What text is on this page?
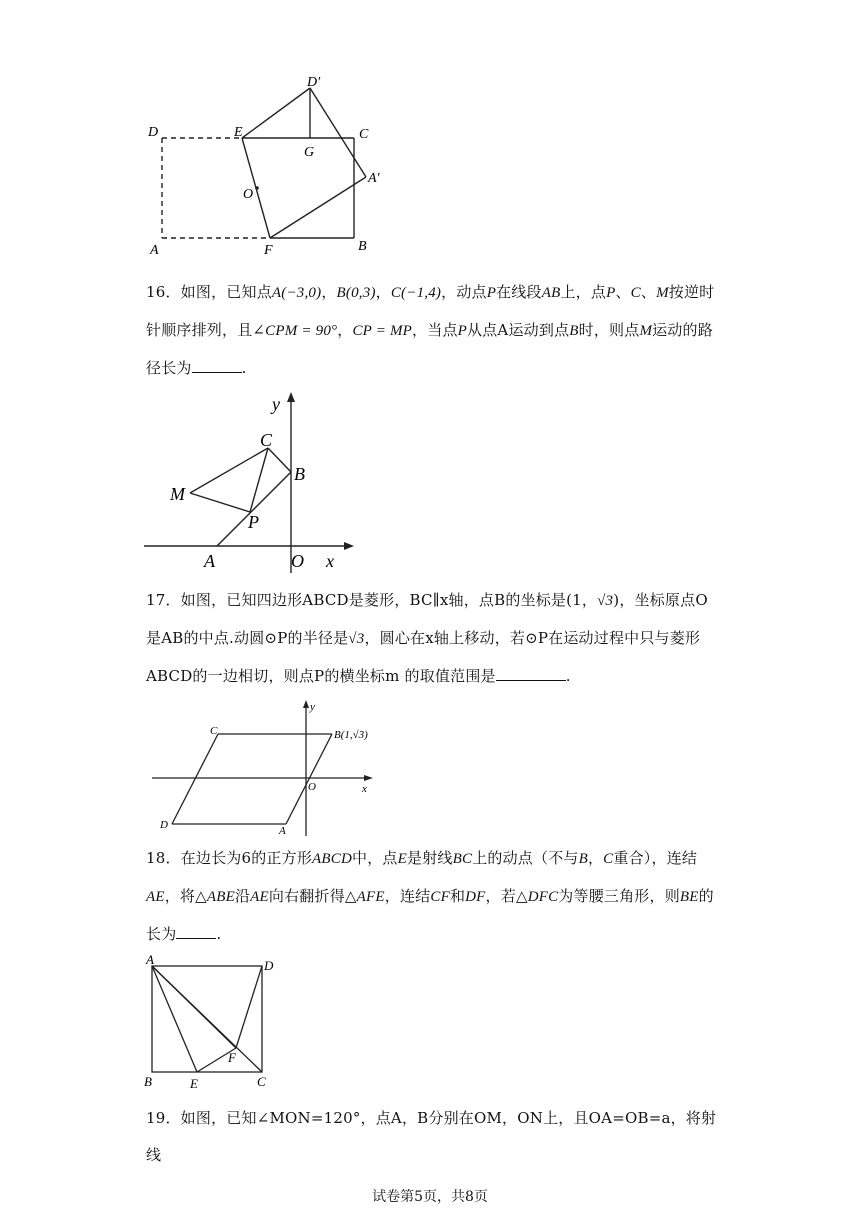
D′
D	E	C
G
O
A′
A	F	B

16．如图，已知点A(−3,0)，B(0,3)，C(−1,4)，动点P在线段AB上，点P、C、M按逆时针顺序排列，且∠CPM = 90°，CP = MP，当点P从点A运动到点B时，则点M运动的路径长为	.

y
C
B
M
P
A	O x

17．如图，已知四边形ABCD是菱形，BC∥x轴，点B的坐标是(1，√3)，坐标原点O是AB的中点.动圆⊙P的半径是√3，圆心在x轴上移动，若⊙P在运动过程中只与菱形ABCD的一边相切，则点P的横坐标m 的取值范围是	.

y
C	B(1,√3)
O	x
D	A

18．在边长为6的正方形ABCD中，点E是射线BC上的动点（不与B，C重合），连结AE，将△ABE沿AE向右翻折得△AFE，连结CF和DF，若△DFC为等腰三角形，则BE的长为	.

A	D
F
B	E	C

19．如图，已知∠MON=120°，点A，B分别在OM，ON上，且OA=OB=a，将射线

试卷第5页，共8页
